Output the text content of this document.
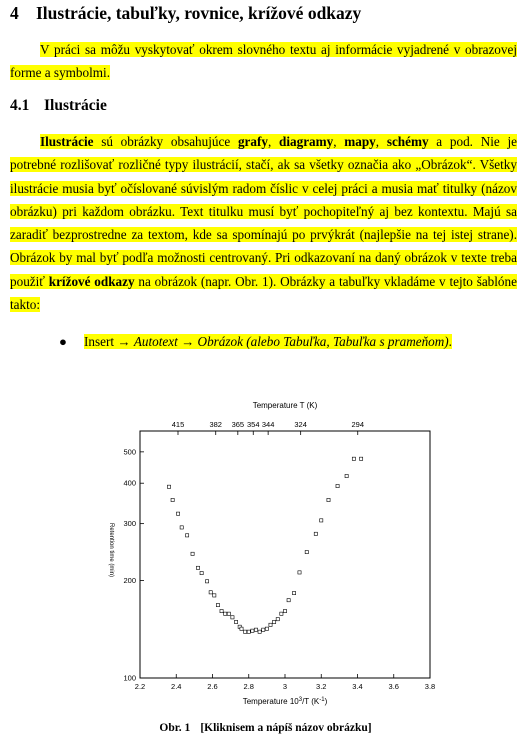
4 Ilustrácie, tabuľky, rovnice, krížové odkazy

V práci sa môžu vyskytovať okrem slovného textu aj informácie vyjadrené v obrazovej forme a symbolmi.

4.1 Ilustrácie

Ilustrácie sú obrázky obsahujúce grafy, diagramy, mapy, schémy a pod. Nie je potrebné rozlišovať rozličné typy ilustrácií, stačí, ak sa všetky označia ako „Obrázok“. Všetky ilustrácie musia byť očíslované súvislým radom číslic v celej práci a musia mať titulky (názov obrázku) pri každom obrázku. Text titulku musí byť pochopiteľný aj bez kontextu. Majú sa zaradiť bezprostredne za textom, kde sa spomínajú po prvýkrát (najlepšie na tej istej strane). Obrázok by mal byť podľa možnosti centrovaný. Pri odkazovaní na daný obrázok v texte treba použiť krížové odkazy na obrázok (napr. Obr. 1). Obrázky a tabuľky vkladáme v tejto šablóne takto:

● Insert → Autotext → Obrázok (alebo Tabuľka, Tabuľka s prameňom).
Temperature T (K)
415	382 365 354 344	324	294
2.2	2.4	2.6	2.8	3	3.2	3.4	3.6	3.8
100
200
300
400
500
Temperature $10^3/T$ $(K^{-1})$
Retention time (min)

Obr. 1 [Kliknisem a nápíš názov obrázku]
